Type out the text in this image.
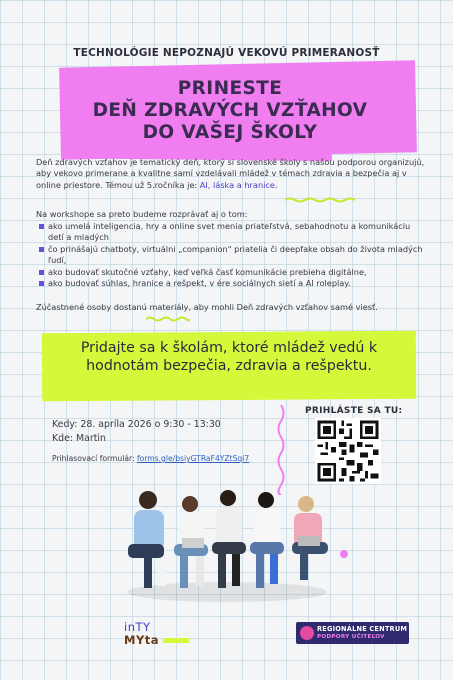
TECHNOLÓGIE NEPOZNAJÚ VEKOVÚ PRIMERANOSŤ
PRINESTE
DEŇ ZDRAVÝCH VZŤAHOV
DO VAŠEJ ŠKOLY
Deň zdravých vzťahov je tematický deň, ktorý si slovenské školy s našou podporou organizujú, aby vekovo primerane a kvalitne samí vzdelávali mládež v témach zdravia a bezpečia aj v online priestore. Témou už 5.ročníka je: AI, láska a hranice.
Na workshope sa preto budeme rozprávať aj o tom:
ako umelá inteligencia, hry a online svet menia priateľstvá, sebahodnotu a komunikáciu detí a mladých
čo prinášajú chatboty, virtuálni „companion" priatelia či deepfake obsah do života mladých ľudí,
ako budovať skutočné vzťahy, keď veľká časť komunikácie prebieha digitálne,
ako budovať súhlas, hranice a rešpekt, v ére sociálnych sietí a AI roleplay.
Zúčastnené osoby dostanú materiály, aby mohli Deň zdravých vzťahov samé viesť.
Pridajte sa k školám, ktoré mládež vedú k hodnotám bezpečia, zdravia a rešpektu.
Kedy: 28. apríla 2026 o 9:30 - 13:30
Kde: Martin
Prihlasovací formulár: forms.gle/bsiyGTRaF4YZtSqi7
PRIHLÁSTE SA TU:
inTY
MYta
REGIONÁLNE CENTRUM
PODPORY UČITEĽOV
